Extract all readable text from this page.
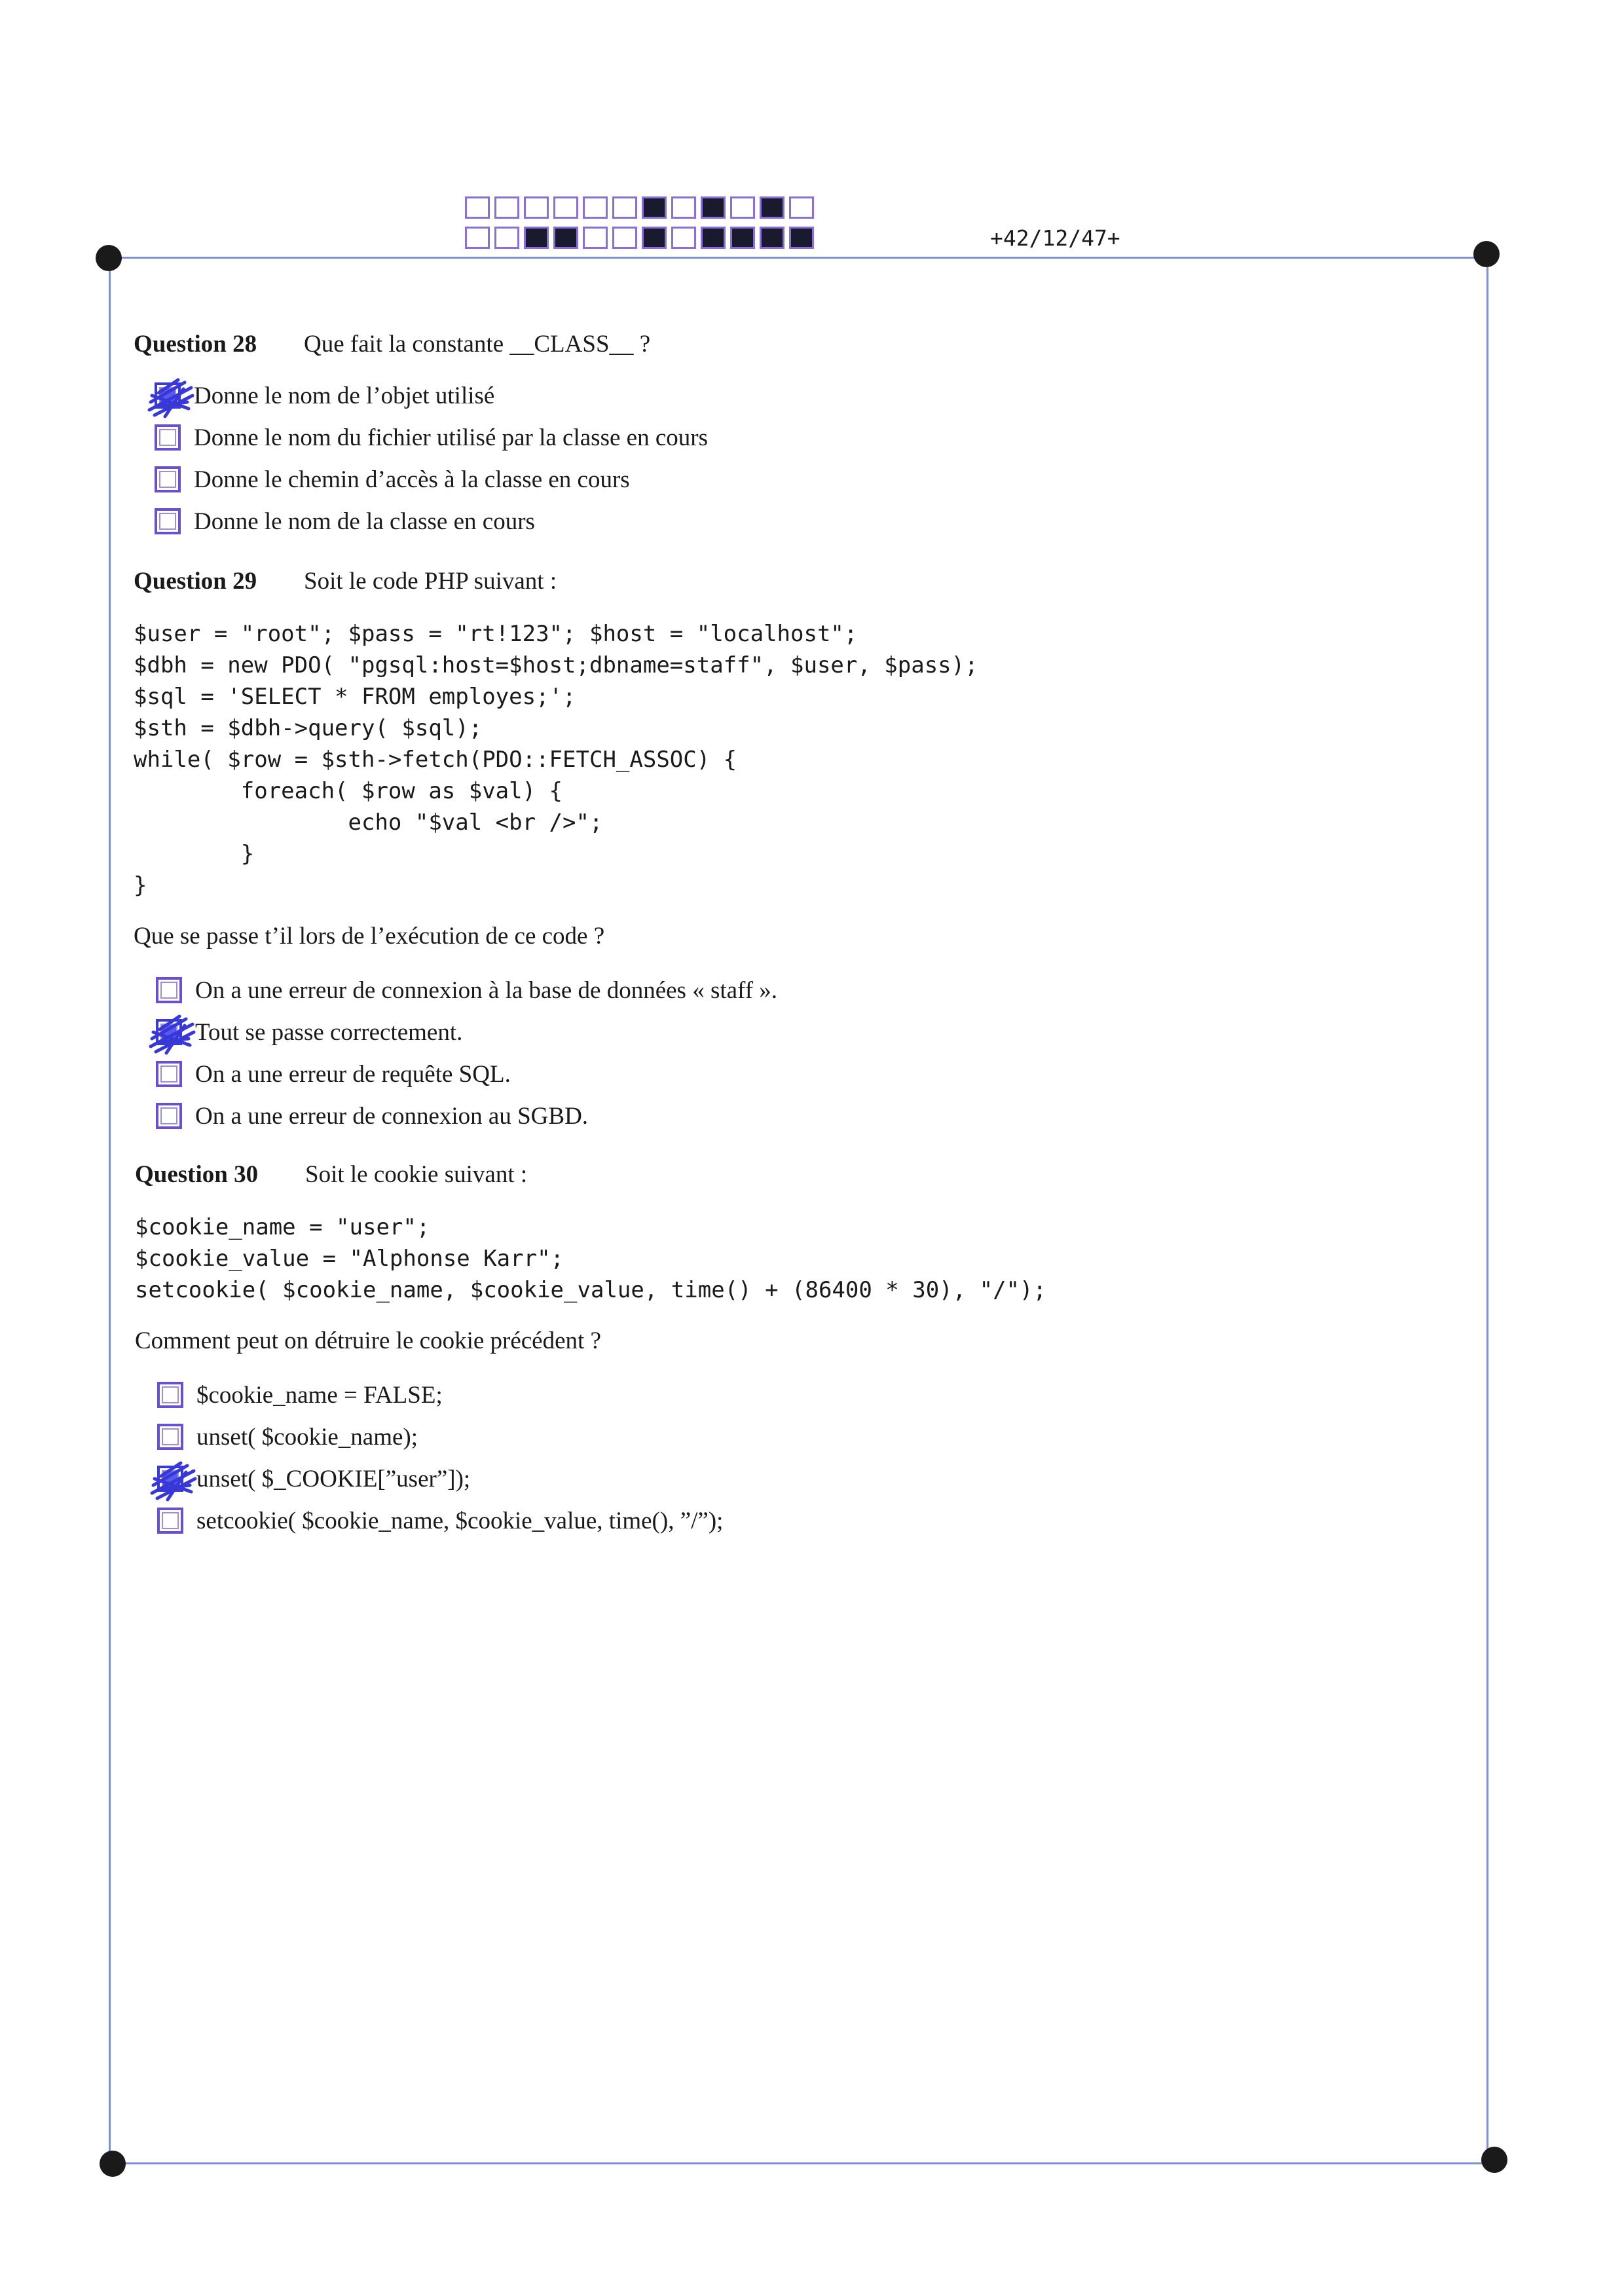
+42/12/47+
Question 28 Que fait la constante __CLASS__ ?
Donne le nom de l’objet utilisé
Donne le nom du fichier utilisé par la classe en cours
Donne le chemin d’accès à la classe en cours
Donne le nom de la classe en cours
Question 29 Soit le code PHP suivant :
$user = "root"; $pass = "rt!123"; $host = "localhost";
$dbh = new PDO( "pgsql:host=$host;dbname=staff", $user, $pass);
$sql = 'SELECT * FROM employes;';
$sth = $dbh->query( $sql);
while( $row = $sth->fetch(PDO::FETCH_ASSOC) {
foreach( $row as $val) {
echo "$val <br />";
}
}
Que se passe t’il lors de l’exécution de ce code ?
On a une erreur de connexion à la base de données « staff ».
Tout se passe correctement.
On a une erreur de requête SQL.
On a une erreur de connexion au SGBD.
Question 30 Soit le cookie suivant :
$cookie_name = "user";
$cookie_value = "Alphonse Karr";
setcookie( $cookie_name, $cookie_value, time() + (86400 * 30), "/");
Comment peut on détruire le cookie précédent ?
$cookie_name = FALSE;
unset( $cookie_name);
unset( $_COOKIE[”user”]);
setcookie( $cookie_name, $cookie_value, time(), ”/”);
